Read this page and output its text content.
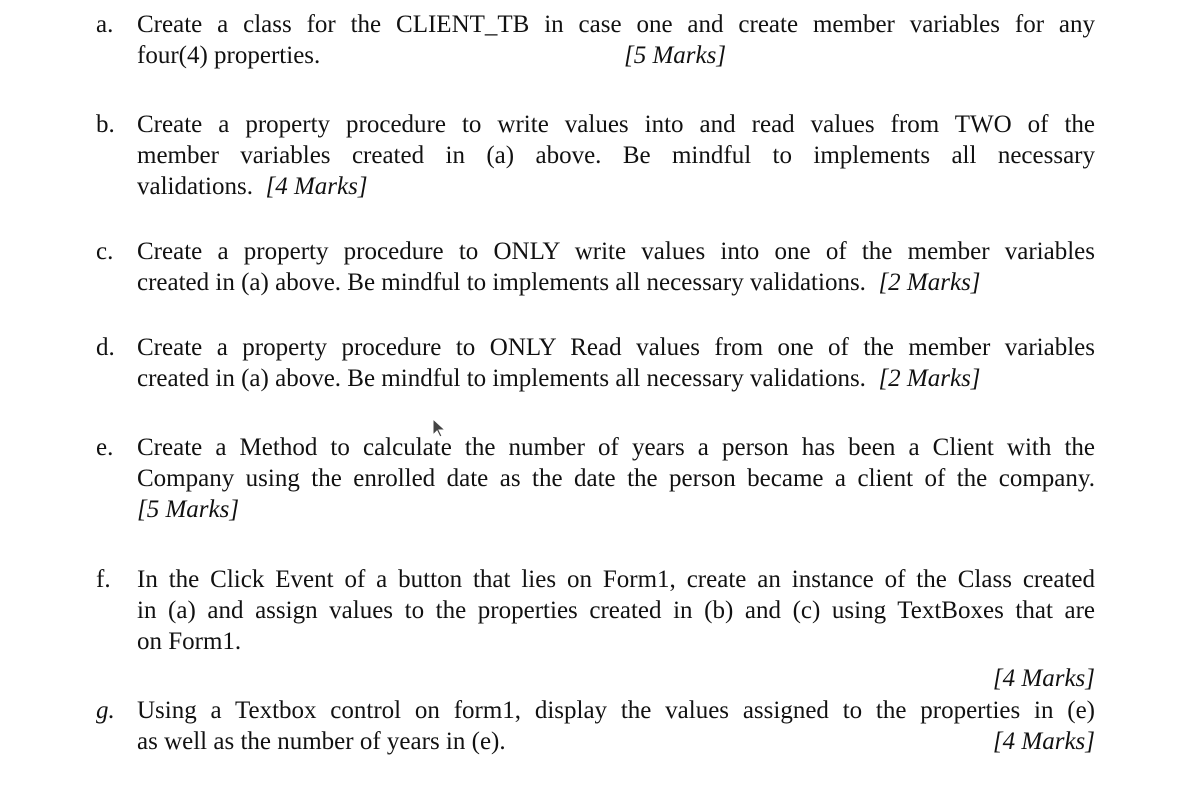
a. Create a class for the CLIENT_TB in case one and create member variables for any
four(4) properties.	[5 Marks]
b. Create a property procedure to write values into and read values from TWO of the
member variables created in (a) above. Be mindful to implements all necessary
validations. [4 Marks]
c. Create a property procedure to ONLY write values into one of the member variables
created in (a) above. Be mindful to implements all necessary validations. [2 Marks]
d. Create a property procedure to ONLY Read values from one of the member variables
created in (a) above. Be mindful to implements all necessary validations. [2 Marks]
e. Create a Method to calculate the number of years a person has been a Client with the
Company using the enrolled date as the date the person became a client of the company.
[5 Marks]
f.	In the Click Event of a button that lies on Form1, create an instance of the Class created
in (a) and assign values to the properties created in (b) and (c) using TextBoxes that are
on Form1.
[4 Marks]
g. Using a Textbox control on form1, display the values assigned to the properties in (e)
as well as the number of years in (e).	[4 Marks]
